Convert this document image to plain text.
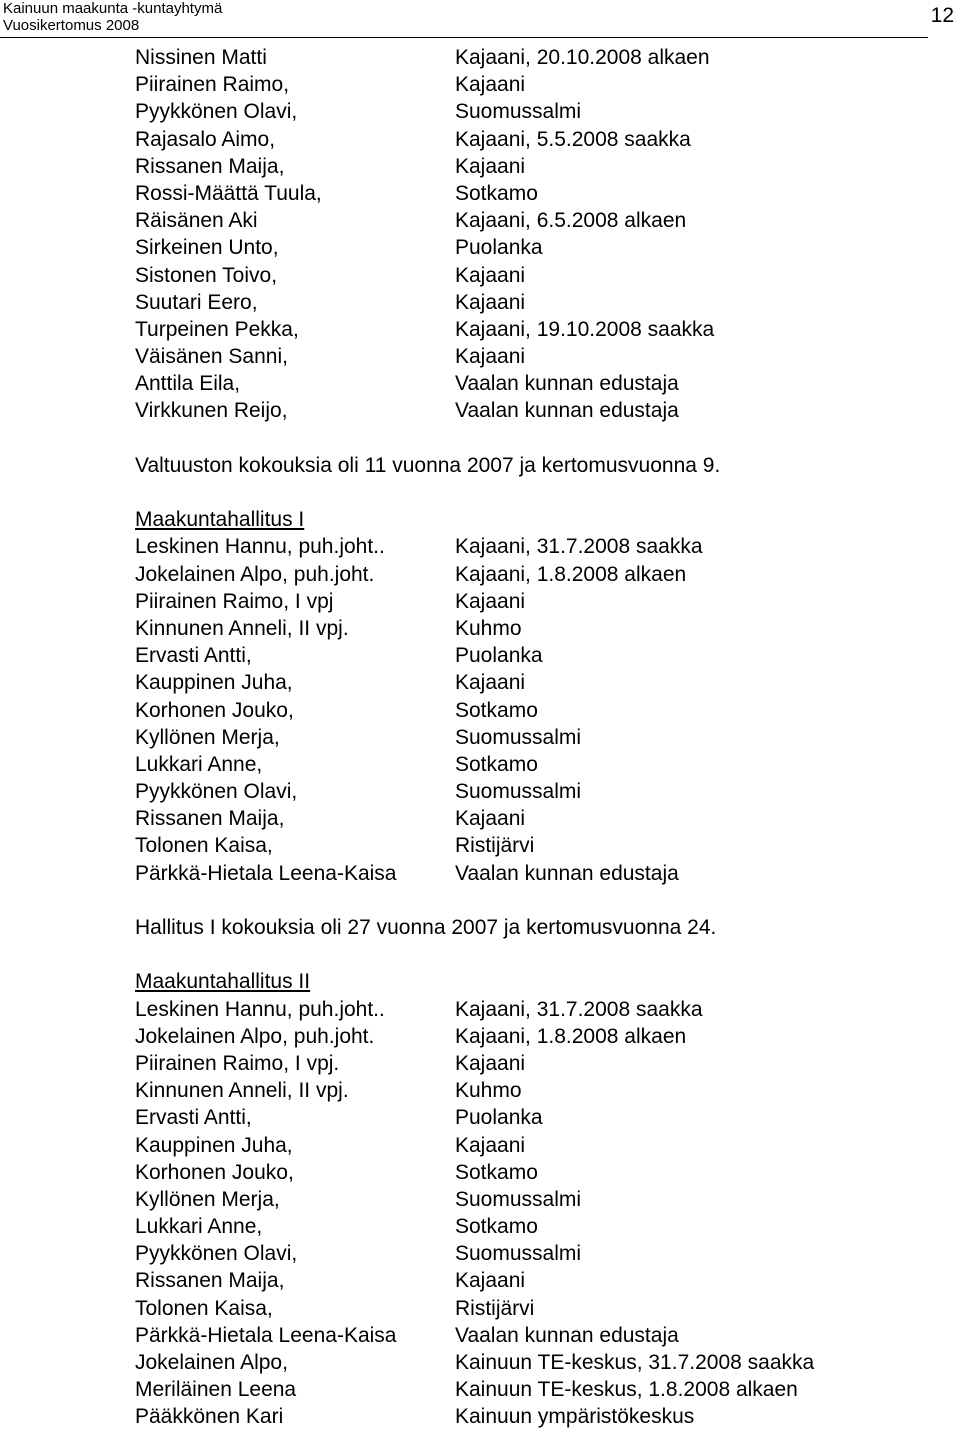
Kainuun maakunta -kuntayhtymä
Vuosikertomus 2008	12
Nissinen Matti	Kajaani, 20.10.2008 alkaen
Piirainen Raimo,	Kajaani
Pyykkönen Olavi,	Suomussalmi
Rajasalo Aimo,	Kajaani, 5.5.2008 saakka
Rissanen Maija,	Kajaani
Rossi-Määttä Tuula,	Sotkamo
Räisänen Aki	Kajaani, 6.5.2008 alkaen
Sirkeinen Unto,	Puolanka
Sistonen Toivo,	Kajaani
Suutari Eero,	Kajaani
Turpeinen Pekka,	Kajaani, 19.10.2008 saakka
Väisänen Sanni,	Kajaani
Anttila Eila,	Vaalan kunnan edustaja
Virkkunen Reijo,	Vaalan kunnan edustaja
Valtuuston kokouksia oli 11 vuonna 2007 ja kertomusvuonna 9.
Maakuntahallitus I
Leskinen Hannu, puh.joht..	Kajaani, 31.7.2008 saakka
Jokelainen Alpo, puh.joht.	Kajaani, 1.8.2008 alkaen
Piirainen Raimo, I vpj	Kajaani
Kinnunen Anneli, II vpj.	Kuhmo
Ervasti Antti,	Puolanka
Kauppinen Juha,	Kajaani
Korhonen Jouko,	Sotkamo
Kyllönen Merja,	Suomussalmi
Lukkari Anne,	Sotkamo
Pyykkönen Olavi,	Suomussalmi
Rissanen Maija,	Kajaani
Tolonen Kaisa,	Ristijärvi
Pärkkä-Hietala Leena-Kaisa	Vaalan kunnan edustaja
Hallitus I kokouksia oli 27 vuonna 2007 ja kertomusvuonna 24.
Maakuntahallitus II
Leskinen Hannu, puh.joht..	Kajaani, 31.7.2008 saakka
Jokelainen Alpo, puh.joht.	Kajaani, 1.8.2008 alkaen
Piirainen Raimo, I vpj.	Kajaani
Kinnunen Anneli, II vpj.	Kuhmo
Ervasti Antti,	Puolanka
Kauppinen Juha,	Kajaani
Korhonen Jouko,	Sotkamo
Kyllönen Merja,	Suomussalmi
Lukkari Anne,	Sotkamo
Pyykkönen Olavi,	Suomussalmi
Rissanen Maija,	Kajaani
Tolonen Kaisa,	Ristijärvi
Pärkkä-Hietala Leena-Kaisa	Vaalan kunnan edustaja
Jokelainen Alpo,	Kainuun TE-keskus, 31.7.2008 saakka
Meriläinen Leena	Kainuun TE-keskus, 1.8.2008 alkaen
Pääkkönen Kari	Kainuun ympäristökeskus
